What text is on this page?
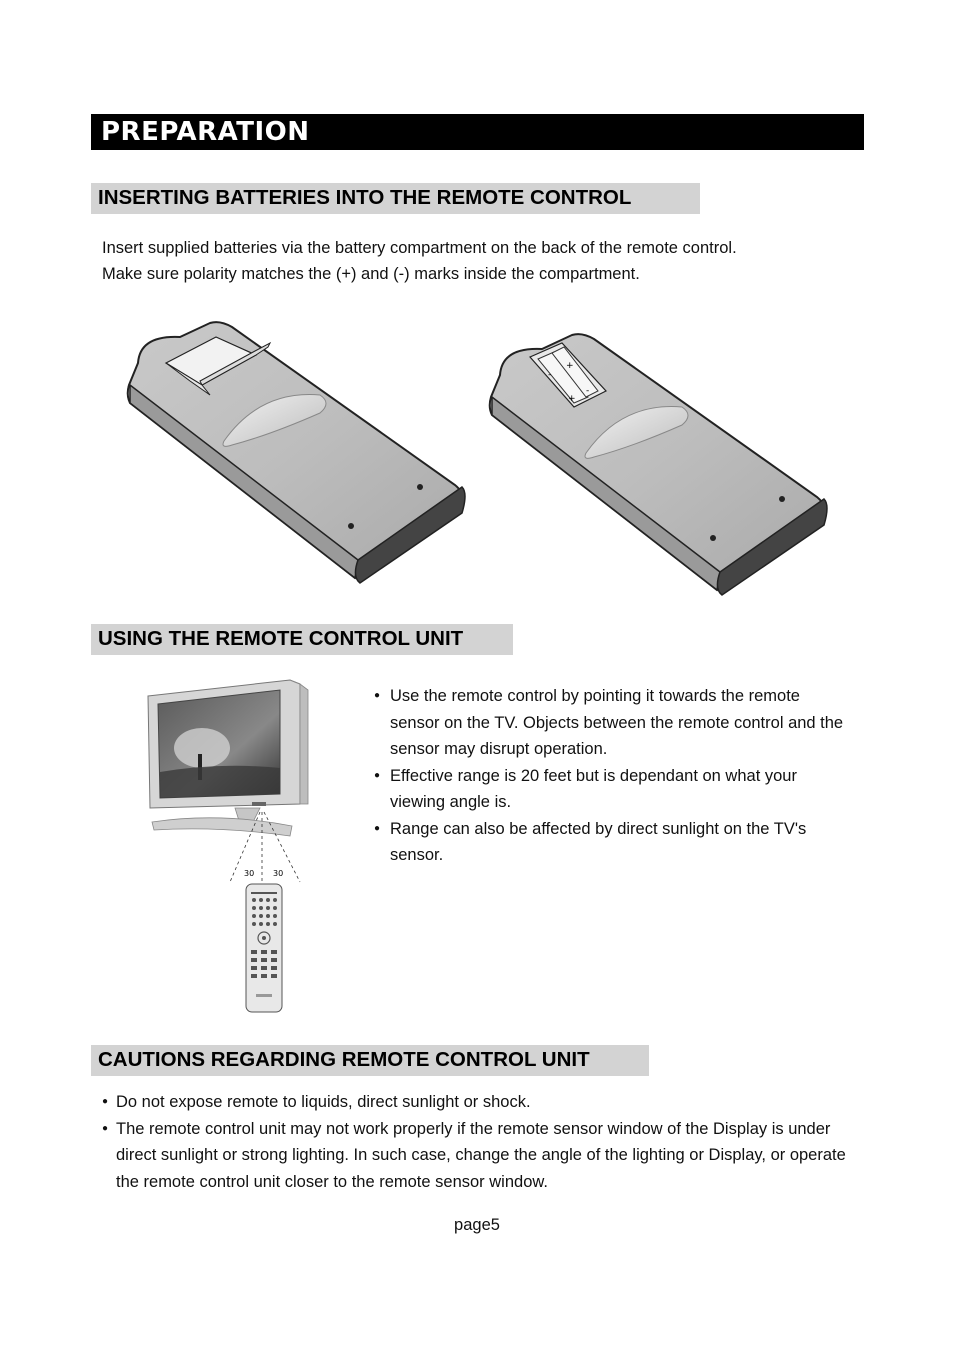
PREPARATION
INSERTING BATTERIES INTO THE REMOTE CONTROL
Insert supplied batteries via the battery compartment on the back of the remote control.
Make sure polarity matches the (+) and (-) marks inside the compartment.
+
-
+
-
USING THE REMOTE CONTROL UNIT
30 30
● Use the remote control by pointing it towards the remote sensor on the TV. Objects between the remote control and the sensor may disrupt operation.
● Effective range is 20 feet but is dependant on what your viewing angle is.
● Range can also be affected by direct sunlight on the TV's sensor.
CAUTIONS REGARDING REMOTE CONTROL UNIT
● Do not expose remote to liquids, direct sunlight or shock.
● The remote control unit may not work properly if the remote sensor window of the Display is under direct sunlight or strong lighting. In such case, change the angle of the lighting or Display, or operate the remote control unit closer to the remote sensor window.
page5
